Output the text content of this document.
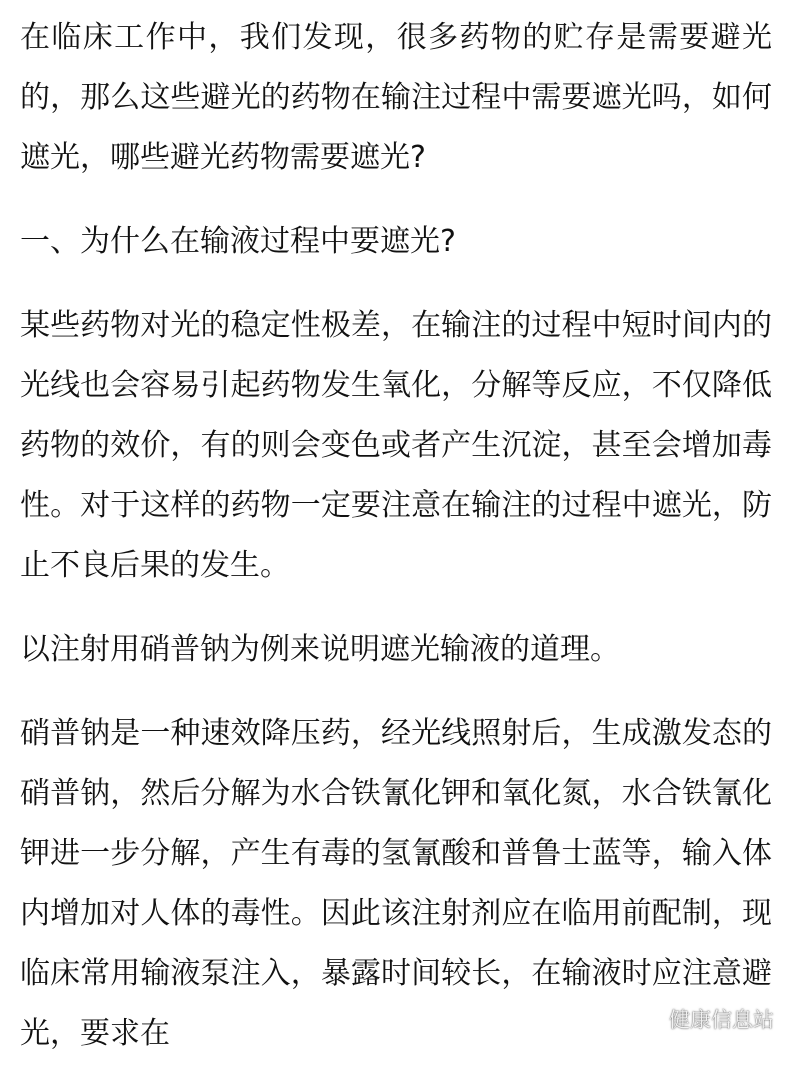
在临床工作中，我们发现，很多药物的贮存是需要避光的，那么这些避光的药物在输注过程中需要遮光吗，如何遮光，哪些避光药物需要遮光?

一、为什么在输液过程中要遮光?

某些药物对光的稳定性极差，在输注的过程中短时间内的光线也会容易引起药物发生氧化，分解等反应，不仅降低药物的效价，有的则会变色或者产生沉淀，甚至会增加毒性。对于这样的药物一定要注意在输注的过程中遮光，防止不良后果的发生。

以注射用硝普钠为例来说明遮光输液的道理。

硝普钠是一种速效降压药，经光线照射后，生成激发态的硝普钠，然后分解为水合铁氰化钾和氧化氮，水合铁氰化钾进一步分解，产生有毒的氢氰酸和普鲁士蓝等，输入体内增加对人体的毒性。因此该注射剂应在临用前配制，现临床常用输液泵注入，暴露时间较长，在输液时应注意避光，要求在	健康信息站
